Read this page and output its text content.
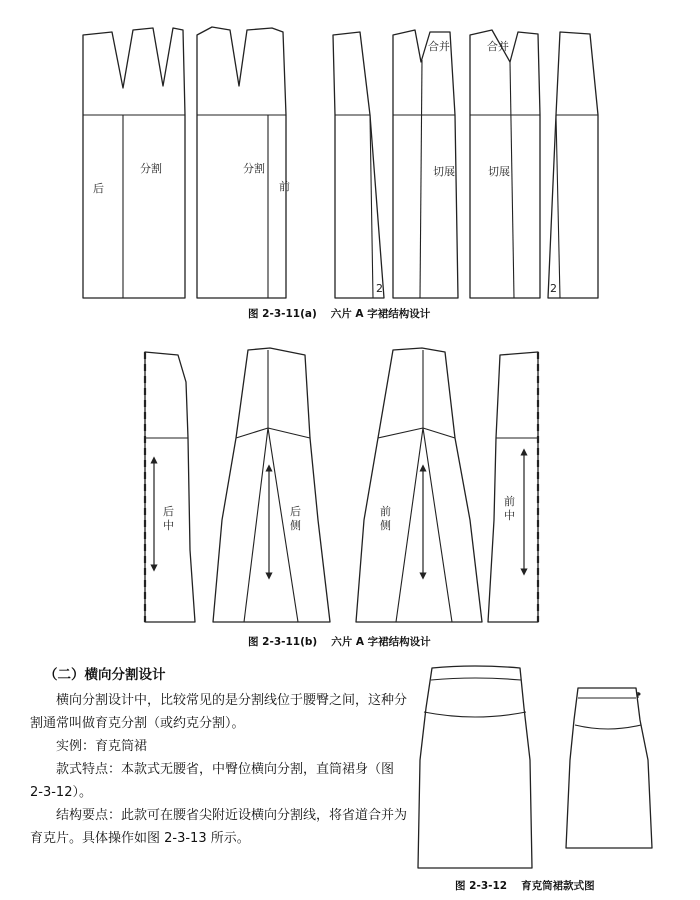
后
分割	分割
前
2
合并
切展
合并
切展
2
图 2-3-11(a) 六片 A 字裙结构设计
后
中
后
侧
前
侧
前
中
图 2-3-11(b) 六片 A 字裙结构设计

（二）横向分割设计

横向分割设计中，比较常见的是分割线位于腰臀之间，这种分割通常叫做育克分割（或约克分割）。

实例：育克筒裙

款式特点：本款式无腰省，中臀位横向分割，直筒裙身（图 2-3-12）。

结构要点：此款可在腰省尖附近设横向分割线，将省道合并为育克片。具体操作如图 2-3-13 所示。

图 2-3-12 育克筒裙款式图
